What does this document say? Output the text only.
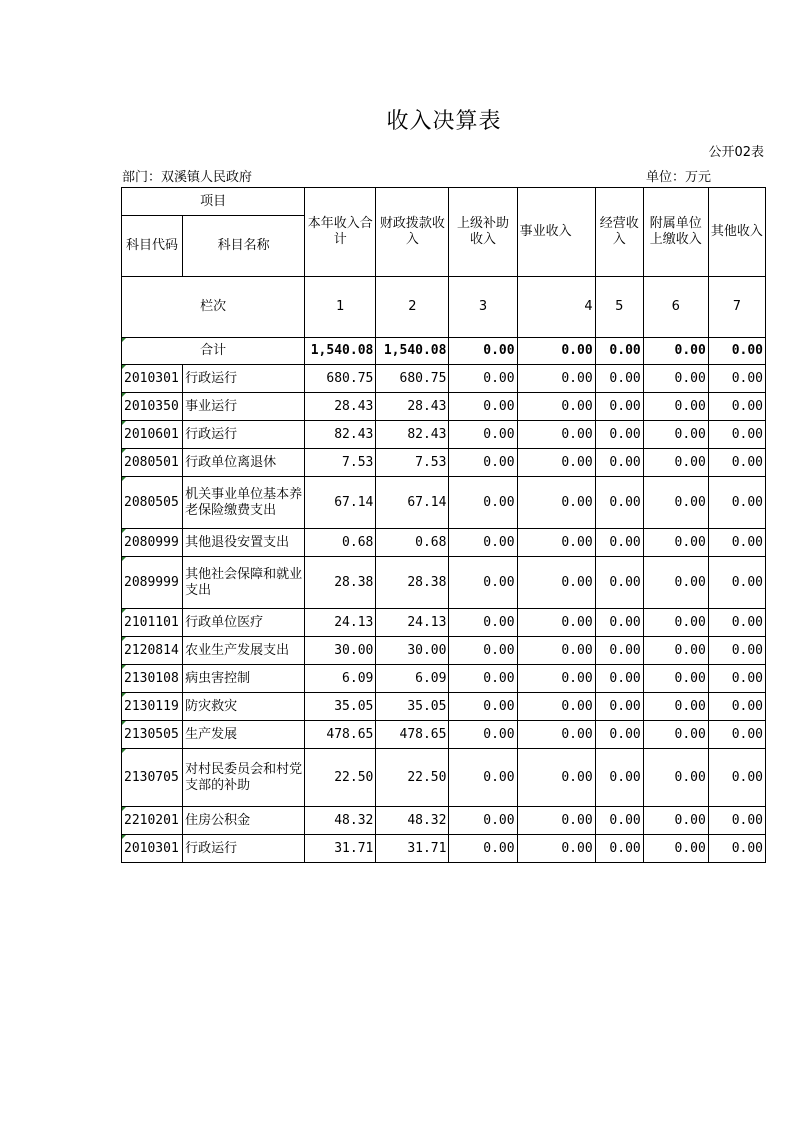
收入决算表
公开02表
部门：双溪镇人民政府	单位：万元
项目		本年收入合计	财政拨款收入	上级补助收入	事业收入	经营收入	附属单位上缴收入	其他收入
科目代码	科目名称							
栏次		1	2	3	4	5	6	7
合计		1,540.08	1,540.08	0.00	0.00	0.00	0.00	0.00
2010301	行政运行	680.75	680.75	0.00	0.00	0.00	0.00	0.00
2010350	事业运行	28.43	28.43	0.00	0.00	0.00	0.00	0.00
2010601	行政运行	82.43	82.43	0.00	0.00	0.00	0.00	0.00
2080501	行政单位离退休	7.53	7.53	0.00	0.00	0.00	0.00	0.00
2080505	机关事业单位基本养老保险缴费支出	67.14	67.14	0.00	0.00	0.00	0.00	0.00
2080999	其他退役安置支出	0.68	0.68	0.00	0.00	0.00	0.00	0.00
2089999	其他社会保障和就业支出	28.38	28.38	0.00	0.00	0.00	0.00	0.00
2101101	行政单位医疗	24.13	24.13	0.00	0.00	0.00	0.00	0.00
2120814	农业生产发展支出	30.00	30.00	0.00	0.00	0.00	0.00	0.00
2130108	病虫害控制	6.09	6.09	0.00	0.00	0.00	0.00	0.00
2130119	防灾救灾	35.05	35.05	0.00	0.00	0.00	0.00	0.00
2130505	生产发展	478.65	478.65	0.00	0.00	0.00	0.00	0.00
2130705	对村民委员会和村党支部的补助	22.50	22.50	0.00	0.00	0.00	0.00	0.00
2210201	住房公积金	48.32	48.32	0.00	0.00	0.00	0.00	0.00
2010301	行政运行	31.71	31.71	0.00	0.00	0.00	0.00	0.00
